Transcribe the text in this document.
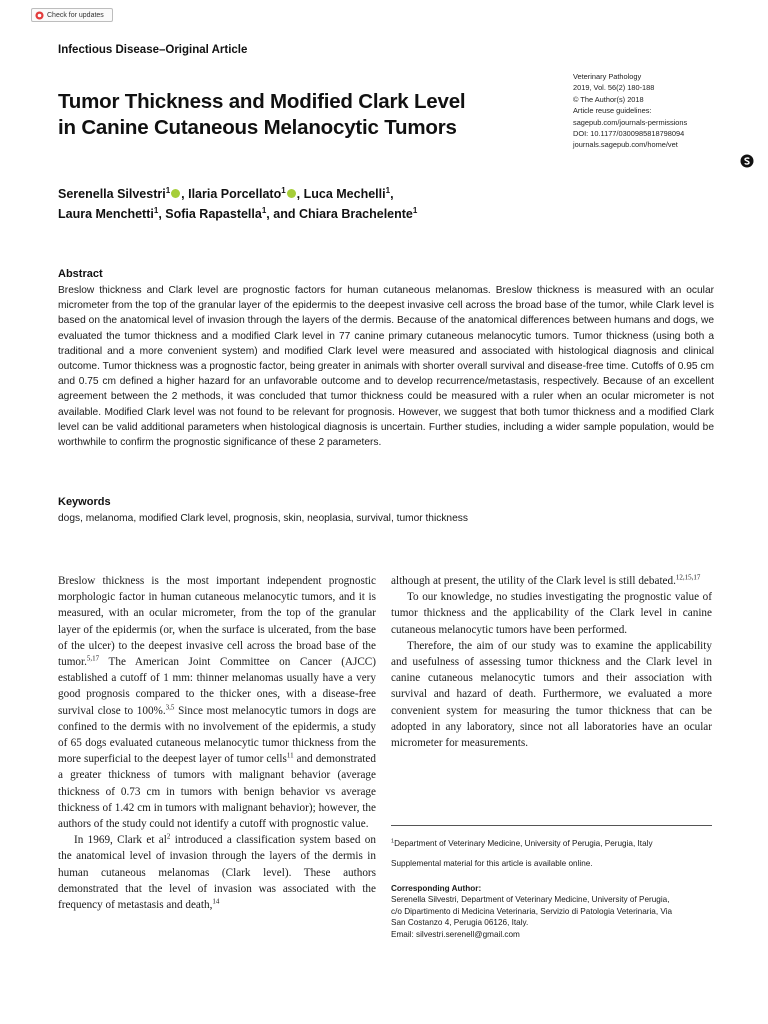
Check for updates
Infectious Disease–Original Article
Tumor Thickness and Modified Clark Level
in Canine Cutaneous Melanocytic Tumors
Veterinary Pathology
2019, Vol. 56(2) 180-188
© The Author(s) 2018
Article reuse guidelines:
sagepub.com/journals-permissions
DOI: 10.1177/0300985818798094
journals.sagepub.com/home/vet
Serenella Silvestri$^1$ , Ilaria Porcellato$^1$ , Luca Mechelli$^1$,
Laura Menchetti$^1$, Sofia Rapastella$^1$, and Chiara Brachelente$^1$
Abstract
Breslow thickness and Clark level are prognostic factors for human cutaneous melanomas. Breslow thickness is measured with an ocular micrometer from the top of the granular layer of the epidermis to the deepest invasive cell across the broad base of the tumor, while Clark level is based on the anatomical level of invasion through the layers of the dermis. Because of the anatomical differences between humans and dogs, we evaluated the tumor thickness and a modified Clark level in 77 canine primary cutaneous melanocytic tumors. Tumor thickness (using both a traditional and a more convenient system) and modified Clark level were measured and associated with histological diagnosis and clinical outcome. Tumor thickness was a prognostic factor, being greater in animals with shorter overall survival and disease-free time. Cutoffs of 0.95 cm and 0.75 cm defined a higher hazard for an unfavorable outcome and to develop recurrence/metastasis, respectively. Because of an excellent agreement between the 2 methods, it was concluded that tumor thickness could be measured with a ruler when an ocular micrometer is not available. Modified Clark level was not found to be relevant for prognosis. However, we suggest that both tumor thickness and a modified Clark level can be valid additional parameters when histological diagnosis is uncertain. Further studies, including a wider sample population, would be worthwhile to confirm the prognostic significance of these 2 parameters.
Keywords
dogs, melanoma, modified Clark level, prognosis, skin, neoplasia, survival, tumor thickness

Breslow thickness is the most important independent prognostic morphologic factor in human cutaneous melanocytic tumors, and it is measured, with an ocular micrometer, from the top of the granular layer of the epidermis (or, when the surface is ulcerated, from the base of the ulcer) to the deepest invasive cell across the broad base of the tumor.$^{5,17}$ The American Joint Committee on Cancer (AJCC) established a cutoff of 1 mm: thinner melanomas usually have a very good prognosis compared to the thicker ones, with a disease-free survival close to 100%.$^{3,5}$ Since most melanocytic tumors in dogs are confined to the dermis with no involvement of the epidermis, a study of 65 dogs evaluated cutaneous melanocytic tumor thickness from the more superficial to the deepest layer of tumor cells$^{11}$ and demonstrated a greater thickness of tumors with malignant behavior (average thickness of 0.73 cm in tumors with benign behavior vs average thickness of 1.42 cm in tumors with malignant behavior); however, the authors of the study could not identify a cutoff with prognostic value.

In 1969, Clark et $al^2$ introduced a classification system based on the anatomical level of invasion through the layers of the dermis in human cutaneous melanomas (Clark level). These authors demonstrated that the level of invasion was associated with the frequency of metastasis and death,$^{14}$

although at present, the utility of the Clark level is still debated.$^{12,15,17}$

To our knowledge, no studies investigating the prognostic value of tumor thickness and the applicability of the Clark level in canine cutaneous melanocytic tumors have been performed.

Therefore, the aim of our study was to examine the applicability and usefulness of assessing tumor thickness and the Clark level in canine cutaneous melanocytic tumors and their association with survival and hazard of death. Furthermore, we evaluated a more convenient system for measuring the tumor thickness that can be adopted in any laboratory, since not all laboratories have an ocular micrometer for measurements.

$^1$Department of Veterinary Medicine, University of Perugia, Perugia, Italy
Supplemental material for this article is available online.
Corresponding Author:
Serenella Silvestri, Department of Veterinary Medicine, University of Perugia,
c/o Dipartimento di Medicina Veterinaria, Servizio di Patologia Veterinaria, Via
San Costanzo 4, Perugia 06126, Italy.
Email: silvestri.serenell@gmail.com
